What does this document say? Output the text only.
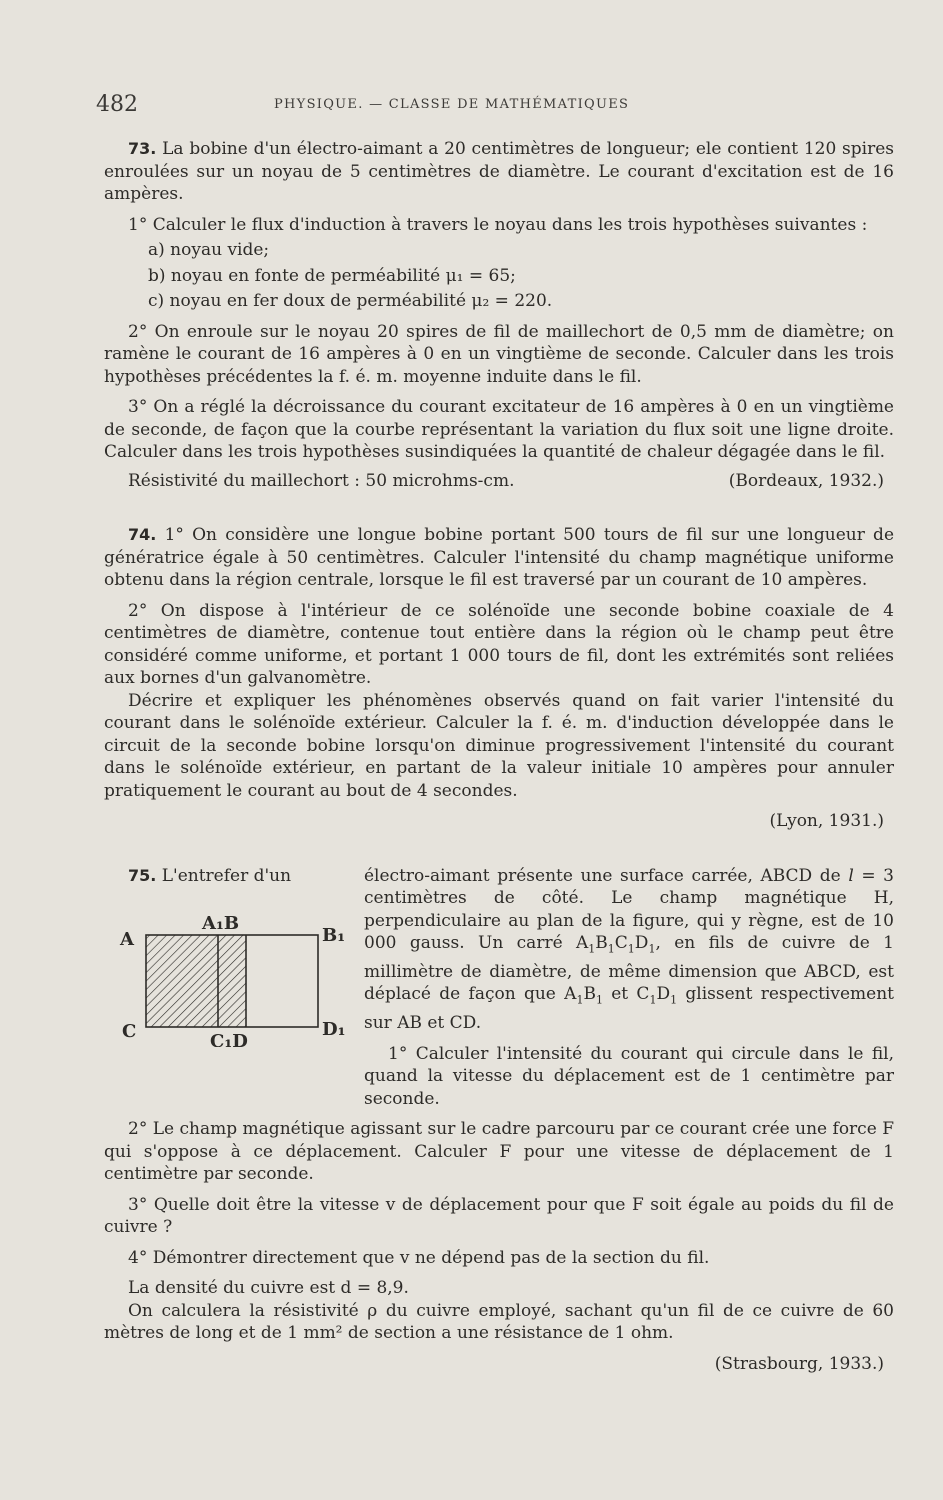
482	PHYSIQUE. — CLASSE DE MATHÉMATIQUES

73. La bobine d'un électro-aimant a 20 centimètres de longueur; ele contient 120 spires enroulées sur un noyau de 5 centimètres de diamètre. Le courant d'excitation est de 16 ampères.

1° Calculer le flux d'induction à travers le noyau dans les trois hypothèses suivantes :

a) noyau vide;

b) noyau en fonte de perméabilité μ₁ = 65;

c) noyau en fer doux de perméabilité μ₂ = 220.

2° On enroule sur le noyau 20 spires de fil de maillechort de 0,5 mm de diamètre; on ramène le courant de 16 ampères à 0 en un vingtième de seconde. Calculer dans les trois hypothèses précédentes la f. é. m. moyenne induite dans le fil.

3° On a réglé la décroissance du courant excitateur de 16 ampères à 0 en un vingtième de seconde, de façon que la courbe représentant la variation du flux soit une ligne droite. Calculer dans les trois hypothèses susindiquées la quantité de chaleur dégagée dans le fil.

Résistivité du maillechort : 50 microhms-cm.	(Bordeaux, 1932.)

74. 1° On considère une longue bobine portant 500 tours de fil sur une longueur de génératrice égale à 50 centimètres. Calculer l'intensité du champ magnétique uniforme obtenu dans la région centrale, lorsque le fil est traversé par un courant de 10 ampères.

2° On dispose à l'intérieur de ce solénoïde une seconde bobine coaxiale de 4 centimètres de diamètre, contenue tout entière dans la région où le champ peut être considéré comme uniforme, et portant 1 000 tours de fil, dont les extrémités sont reliées aux bornes d'un galvanomètre.

Décrire et expliquer les phénomènes observés quand on fait varier l'intensité du courant dans le solénoïde extérieur. Calculer la f. é. m. d'induction développée dans le circuit de la seconde bobine lorsqu'on diminue progressivement l'intensité du courant dans le solénoïde extérieur, en partant de la valeur initiale 10 ampères pour annuler pratiquement le courant au bout de 4 secondes.

(Lyon, 1931.)

75. L'entrefer d'un
A
A₁B
B₁
C	C₁D
D₁

électro-aimant présente une surface carrée, ABCD de l = 3 centimètres de côté. Le champ magnétique H, perpendiculaire au plan de la figure, qui y règne, est de 10 000 gauss. Un carré $A_1B_1C_1D_1$, en fils de cuivre de 1 millimètre de diamètre, de même dimension que ABCD, est déplacé de façon que $A_1B_1$ et $C_1D_1$ glissent respectivement sur AB et CD.

1° Calculer l'intensité du courant qui circule dans le fil, quand la vitesse du déplacement est de 1 centimètre par seconde.

2° Le champ magnétique agissant sur le cadre parcouru par ce courant crée une force F qui s'oppose à ce déplacement. Calculer F pour une vitesse de déplacement de 1 centimètre par seconde.

3° Quelle doit être la vitesse v de déplacement pour que F soit égale au poids du fil de cuivre ?

4° Démontrer directement que v ne dépend pas de la section du fil.

La densité du cuivre est d = 8,9.

On calculera la résistivité ρ du cuivre employé, sachant qu'un fil de ce cuivre de 60 mètres de long et de 1 mm² de section a une résistance de 1 ohm.

(Strasbourg, 1933.)
